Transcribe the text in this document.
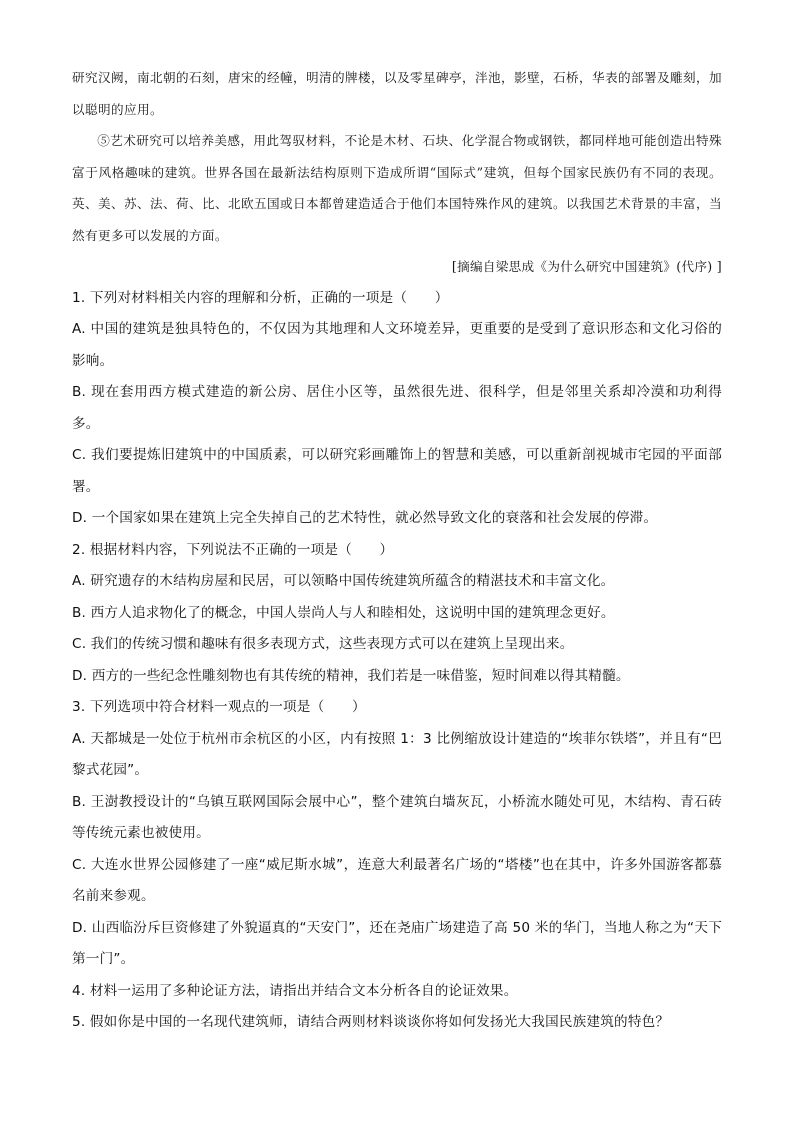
研究汉阙，南北朝的石刻，唐宋的经幢，明清的牌楼，以及零星碑亭，泮池，影壁，石桥，华表的部署及雕刻，加以聪明的应用。

⑤艺术研究可以培养美感，用此驾驭材料，不论是木材、石块、化学混合物或钢铁，都同样地可能创造出特殊富于风格趣味的建筑。世界各国在最新法结构原则下造成所谓“国际式”建筑，但每个国家民族仍有不同的表现。英、美、苏、法、荷、比、北欧五国或日本都曾建造适合于他们本国特殊作风的建筑。以我国艺术背景的丰富，当然有更多可以发展的方面。

[摘编自梁思成《为什么研究中国建筑》(代序) ]

1. 下列对材料相关内容的理解和分析，正确的一项是（　　）

A. 中国的建筑是独具特色的，不仅因为其地理和人文环境差异，更重要的是受到了意识形态和文化习俗的影响。

B. 现在套用西方模式建造的新公房、居住小区等，虽然很先进、很科学，但是邻里关系却冷漠和功利得多。

C. 我们要提炼旧建筑中的中国质素，可以研究彩画雕饰上的智慧和美感，可以重新剖视城市宅园的平面部署。

D. 一个国家如果在建筑上完全失掉自己的艺术特性，就必然导致文化的衰落和社会发展的停滞。

2. 根据材料内容，下列说法不正确的一项是（　　）

A. 研究遗存的木结构房屋和民居，可以领略中国传统建筑所蕴含的精湛技术和丰富文化。

B. 西方人追求物化了的概念，中国人崇尚人与人和睦相处，这说明中国的建筑理念更好。

C. 我们的传统习惯和趣味有很多表现方式，这些表现方式可以在建筑上呈现出来。

D. 西方的一些纪念性雕刻物也有其传统的精神，我们若是一味借鉴，短时间难以得其精髓。

3. 下列选项中符合材料一观点的一项是（　　）

A. 天都城是一处位于杭州市余杭区的小区，内有按照 1：3 比例缩放设计建造的“埃菲尔铁塔”，并且有“巴黎式花园”。

B. 王澍教授设计的“乌镇互联网国际会展中心”，整个建筑白墙灰瓦，小桥流水随处可见，木结构、青石砖等传统元素也被使用。

C. 大连水世界公园修建了一座“威尼斯水城”，连意大利最著名广场的“塔楼”也在其中，许多外国游客都慕名前来参观。

D. 山西临汾斥巨资修建了外貌逼真的“天安门”，还在尧庙广场建造了高 50 米的华门，当地人称之为“天下第一门”。

4. 材料一运用了多种论证方法，请指出并结合文本分析各自的论证效果。

5. 假如你是中国的一名现代建筑师，请结合两则材料谈谈你将如何发扬光大我国民族建筑的特色？
